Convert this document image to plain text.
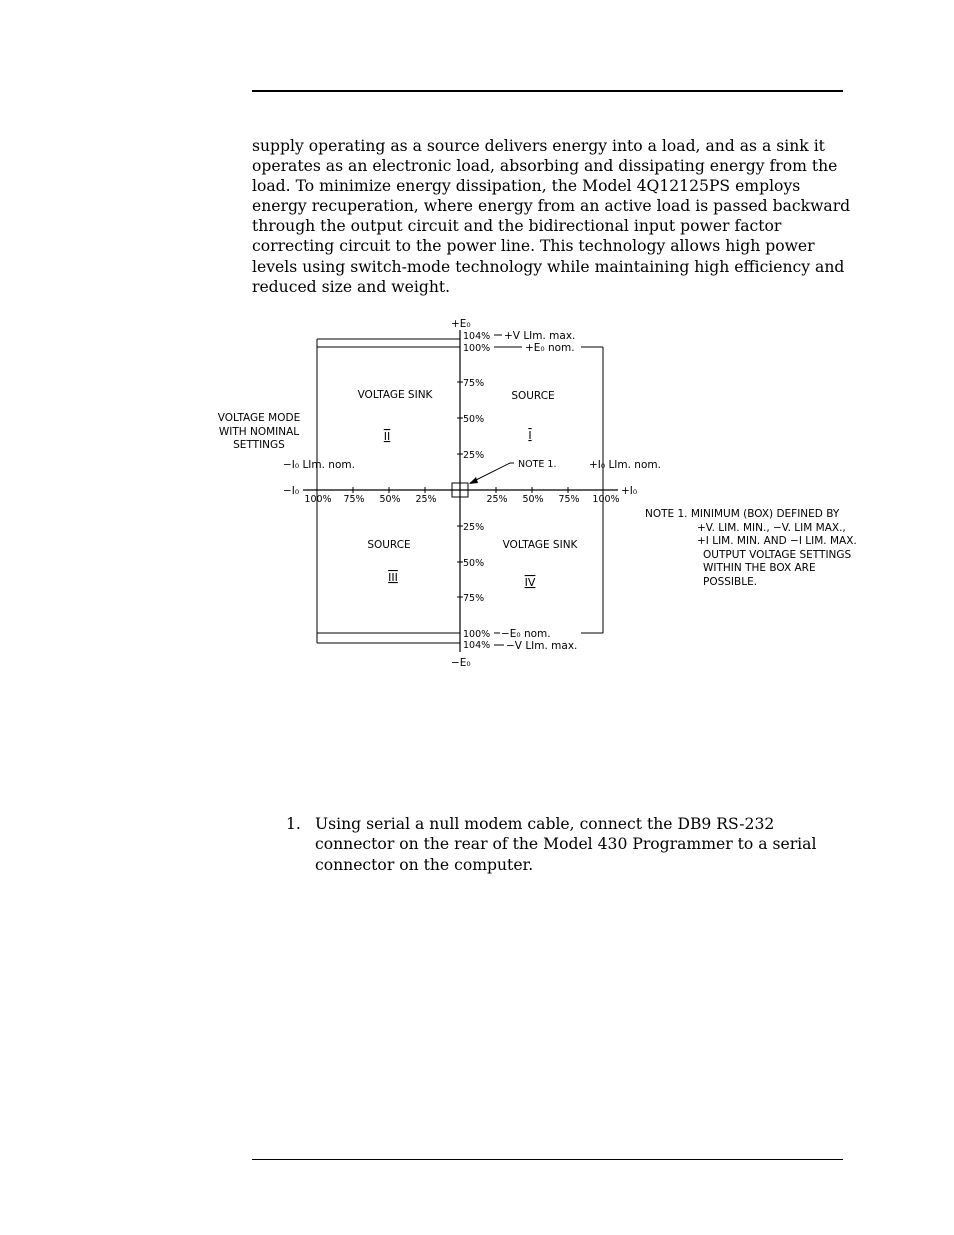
supply operating as a source delivers energy into a load, and as a sink it
operates as an electronic load, absorbing and dissipating energy from the
load. To minimize energy dissipation, the Model 4Q12125PS employs
energy recuperation, where energy from an active load is passed backward
through the output circuit and the bidirectional input power factor
correcting circuit to the power line. This technology allows high power
levels using switch-mode technology while maintaining high efficiency and
reduced size and weight.
+E₀
−E₀
+I₀
−I₀
104%
100%
75%
50%
25%
25%
50%
75%
100%
104%
100% 75% 50% 25%	25% 50% 75% 100%
+V LIm. max.
+E₀ nom.
−E₀ nom.
−V LIm. max.
−I₀ LIm. nom.	+I₀ LIm. nom.
VOLTAGE SINK	SOURCE
SOURCE	VOLTAGE SINK
II	I
III	IV
VOLTAGE MODE
WITH NOMINAL
SETTINGS
NOTE 1.
NOTE 1. MINIMUM (BOX) DEFINED BY
+V. LIM. MIN., −V. LIM MAX.,
+I LIM. MIN. AND −I LIM. MAX.
OUTPUT VOLTAGE SETTINGS
WITHIN THE BOX ARE
POSSIBLE.
1. Using serial a null modem cable, connect the DB9 RS-232
connector on the rear of the Model 430 Programmer to a serial
connector on the computer.
